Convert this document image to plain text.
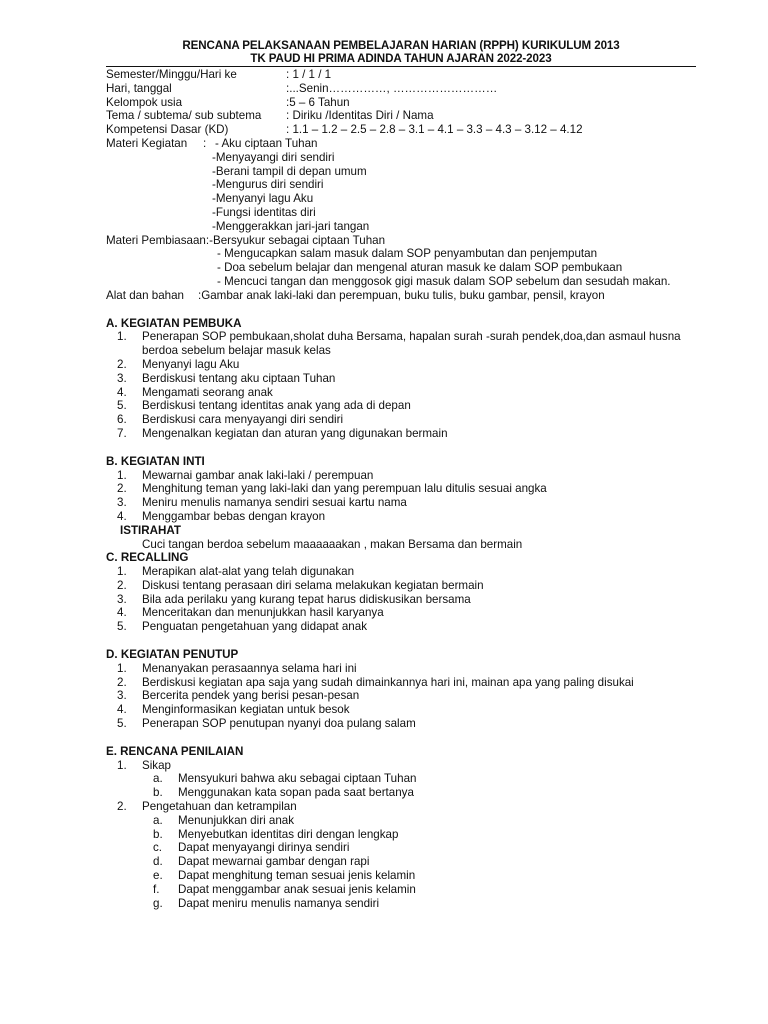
RENCANA PELAKSANAAN PEMBELAJARAN HARIAN (RPPH) KURIKULUM 2013
TK PAUD HI PRIMA ADINDA TAHUN AJARAN 2022-2023
Semester/Minggu/Hari ke	: 1 / 1 / 1
Hari, tanggal	:...Senin……………, ………………………
Kelompok usia	:5 – 6 Tahun
Tema / subtema/ sub subtema	: Diriku /Identitas Diri / Nama
Kompetensi Dasar (KD)	: 1.1 – 1.2 – 2.5 – 2.8 – 3.1 – 4.1 – 3.3 – 4.3 – 3.12 – 4.12
Materi Kegiatan	: - Aku ciptaan Tuhan
-Menyayangi diri sendiri
-Berani tampil di depan umum
-Mengurus diri sendiri
-Menyanyi lagu Aku
-Fungsi identitas diri
-Menggerakkan jari-jari tangan
Materi Pembiasaan: -Bersyukur sebagai ciptaan Tuhan
- Mengucapkan salam masuk dalam SOP penyambutan dan penjemputan
- Doa sebelum belajar dan mengenal aturan masuk ke dalam SOP pembukaan
- Mencuci tangan dan menggosok gigi masuk dalam SOP sebelum dan sesudah makan.
Alat dan bahan	:Gambar anak laki-laki dan perempuan, buku tulis, buku gambar, pensil, krayon
A. KEGIATAN PEMBUKA
1.	Penerapan SOP pembukaan,sholat duha Bersama, hapalan surah -surah pendek,doa,dan asmaul husna
berdoa sebelum belajar masuk kelas
2.	Menyanyi lagu Aku
3.	Berdiskusi tentang aku ciptaan Tuhan
4.	Mengamati seorang anak
5.	Berdiskusi tentang identitas anak yang ada di depan
6.	Berdiskusi cara menyayangi diri sendiri
7.	Mengenalkan kegiatan dan aturan yang digunakan bermain
B. KEGIATAN INTI
1.	Mewarnai gambar anak laki-laki / perempuan
2.	Menghitung teman yang laki-laki dan yang perempuan lalu ditulis sesuai angka
3.	Meniru menulis namanya sendiri sesuai kartu nama
4.	Menggambar bebas dengan krayon
ISTIRAHAT
Cuci tangan berdoa sebelum maaaaaakan , makan Bersama dan bermain
C. RECALLING
1.	Merapikan alat-alat yang telah digunakan
2.	Diskusi tentang perasaan diri selama melakukan kegiatan bermain
3.	Bila ada perilaku yang kurang tepat harus didiskusikan bersama
4.	Menceritakan dan menunjukkan hasil karyanya
5.	Penguatan pengetahuan yang didapat anak
D. KEGIATAN PENUTUP
1.	Menanyakan perasaannya selama hari ini
2.	Berdiskusi kegiatan apa saja yang sudah dimainkannya hari ini, mainan apa yang paling disukai
3.	Bercerita pendek yang berisi pesan-pesan
4.	Menginformasikan kegiatan untuk besok
5.	Penerapan SOP penutupan nyanyi doa pulang salam
E. RENCANA PENILAIAN
1.	Sikap
a.	Mensyukuri bahwa aku sebagai ciptaan Tuhan
b.	Menggunakan kata sopan pada saat bertanya
2.	Pengetahuan dan ketrampilan
a.	Menunjukkan diri anak
b.	Menyebutkan identitas diri dengan lengkap
c.	Dapat menyayangi dirinya sendiri
d.	Dapat mewarnai gambar dengan rapi
e.	Dapat menghitung teman sesuai jenis kelamin
f.	Dapat menggambar anak sesuai jenis kelamin
g.	Dapat meniru menulis namanya sendiri
